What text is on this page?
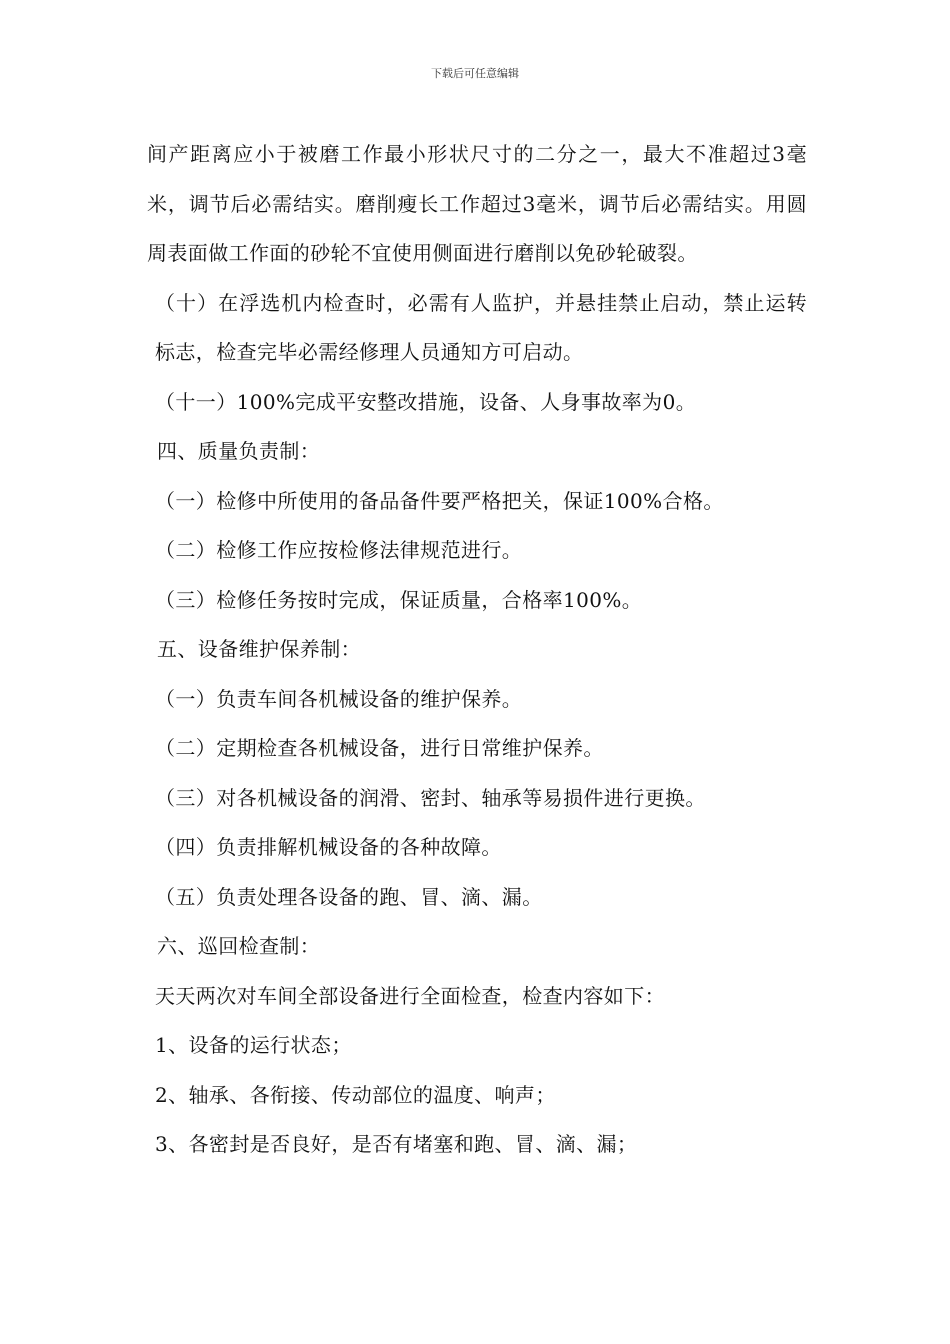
下载后可任意编辑

间产距离应小于被磨工作最小形状尺寸的二分之一，最大不准超过3毫米，调节后必需结实。磨削瘦长工作超过3毫米，调节后必需结实。用圆周表面做工作面的砂轮不宜使用侧面进行磨削以免砂轮破裂。

（十）在浮选机内检查时，必需有人监护，并悬挂禁止启动，禁止运转标志，检查完毕必需经修理人员通知方可启动。

（十一）100%完成平安整改措施，设备、人身事故率为0。

四、质量负责制：

（一）检修中所使用的备品备件要严格把关，保证100%合格。

（二）检修工作应按检修法律规范进行。

（三）检修任务按时完成，保证质量，合格率100%。

五、设备维护保养制：

（一）负责车间各机械设备的维护保养。

（二）定期检查各机械设备，进行日常维护保养。

（三）对各机械设备的润滑、密封、轴承等易损件进行更换。

（四）负责排解机械设备的各种故障。

（五）负责处理各设备的跑、冒、滴、漏。

六、巡回检查制：

天天两次对车间全部设备进行全面检查，检查内容如下：

1、设备的运行状态；

2、轴承、各衔接、传动部位的温度、响声；

3、各密封是否良好，是否有堵塞和跑、冒、滴、漏；
